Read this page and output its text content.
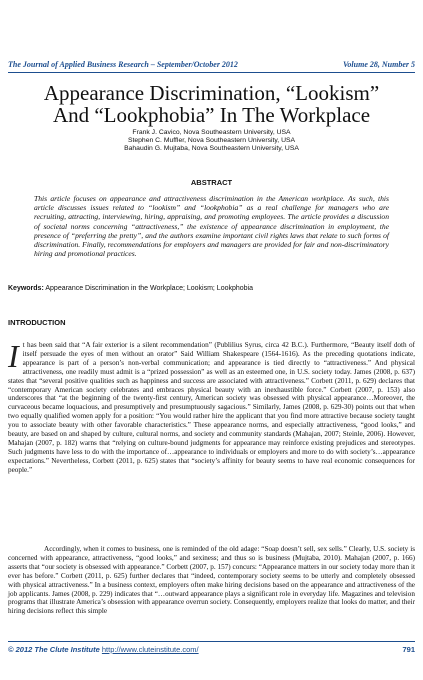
The Journal of Applied Business Research – September/October 2012	Volume 28, Number 5
Appearance Discrimination, “Lookism”
And “Lookphobia” In The Workplace
Frank J. Cavico, Nova Southeastern University, USA
Stephen C. Muffler, Nova Southeastern University, USA
Bahaudin G. Mujtaba, Nova Southeastern University, USA
ABSTRACT
This article focuses on appearance and attractiveness discrimination in the American workplace. As such, this article discusses issues related to “lookism” and “lookphobia” as a real challenge for managers who are recruiting, attracting, interviewing, hiring, appraising, and promoting employees. The article provides a discussion of societal norms concerning “attractiveness,” the existence of appearance discrimination in employment, the presence of “preferring the pretty”, and the authors examine important civil rights laws that relate to such forms of discrimination. Finally, recommendations for employers and managers are provided for fair and non-discriminatory hiring and promotional practices.
Keywords: Appearance Discrimination in the Workplace; Lookism; Lookphobia
INTRODUCTION
I t has been said that “A fair exterior is a silent recommendation” (Publilius Syrus, circa 42 B.C.). Furthermore, “Beauty itself doth of itself persuade the eyes of men without an orator” Said William Shakespeare (1564-1616). As the preceding quotations indicate, appearance is part of a person’s non-verbal communication; and appearance is tied directly to “attractiveness.” And physical attractiveness, one readily must admit is a “prized possession” as well as an esteemed one, in U.S. society today. James (2008, p. 637) states that “several positive qualities such as happiness and success are associated with attractiveness.” Corbett (2011, p. 629) declares that “contemporary American society celebrates and embraces physical beauty with an inexhaustible force.” Corbett (2007, p. 153) also underscores that “at the beginning of the twenty-first century, American society was obsessed with physical appearance…Moreover, the curvaceous became loquacious, and presumptively and presumptuously sagacious.” Similarly, James (2008, p. 629-30) points out that when two equally qualified women apply for a position: “You would rather hire the applicant that you find more attractive because society taught you to associate beauty with other favorable characteristics.” These appearance norms, and especially attractiveness, “good looks,” and beauty, are based on and shaped by culture, cultural norms, and society and community standards (Mahajan, 2007; Steinle, 2006). However, Mahajan (2007, p. 182) warns that “relying on culture-bound judgments for appearance may reinforce existing prejudices and stereotypes. Such judgments have less to do with the importance of…appearance to individuals or employers and more to do with society’s…appearance expectations.” Nevertheless, Corbett (2011, p. 625) states that “society’s affinity for beauty seems to have real economic consequences for people.”
Accordingly, when it comes to business, one is reminded of the old adage: “Soap doesn’t sell, sex sells.” Clearly, U.S. society is concerned with appearance, attractiveness, “good looks,” and sexiness; and thus so is business (Mujtaba, 2010). Mahajan (2007, p. 166) asserts that “our society is obsessed with appearance.” Corbett (2007, p. 157) concurs: “Appearance matters in our society today more than it ever has before.” Corbett (2011, p. 625) further declares that “indeed, contemporary society seems to be utterly and completely obsessed with physical attractiveness.” In a business context, employers often make hiring decisions based on the appearance and attractiveness of the job applicants. James (2008, p. 229) indicates that “…outward appearance plays a significant role in everyday life. Magazines and television programs that illustrate America’s obsession with appearance overrun society. Consequently, employers realize that looks do matter, and their hiring decisions reflect this simple
© 2012 The Clute Institute http://www.cluteinstitute.com/	791
